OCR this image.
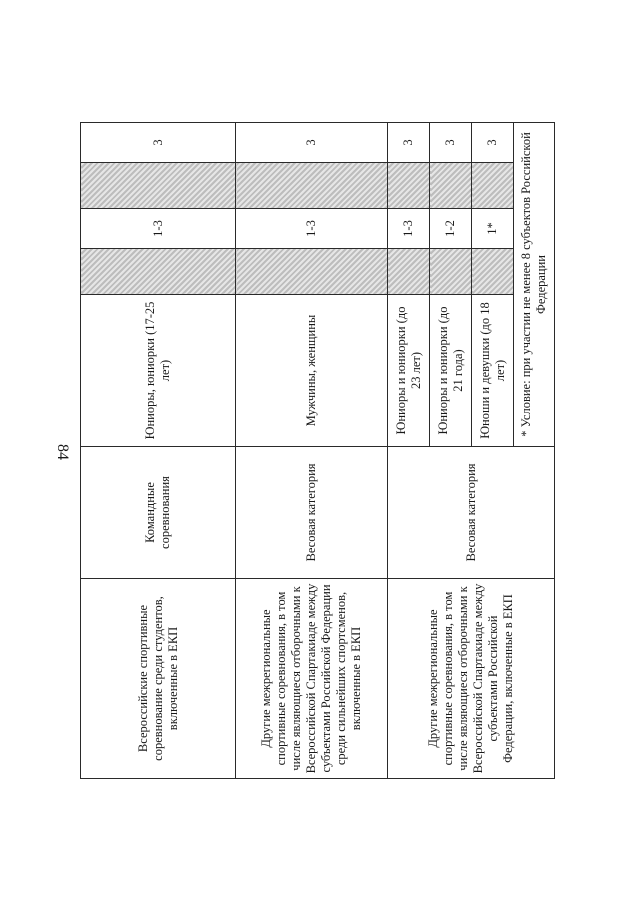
84
Всероссийские спортивные соревнование среди студентов, включенные в ЕКП	Командные соревнования	Юниоры, юниорки (17-25 лет)		1-3		3
Другие межрегиональные спортивные соревнования, в том числе являющиеся отборочными к Всероссийской Спартакиаде между субъектами Российской Федерации среди сильнейших спортсменов, включенные в ЕКП	Весовая категория	Мужчины, женщины		1-3		3
Другие межрегиональные спортивные соревнования, в том числе являющиеся отборочными к Всероссийской Спартакиаде между субъектами Российской Федерации, включенные в ЕКП	Весовая категория	Юниоры и юниорки (до 23 лет)		1-3		3
		Юниоры и юниорки (до 21 года)		1-2		3
		Юноши и девушки (до 18 лет)		1*		3
		* Условие: при участии не менее 8 субъектов Российской Федерации				
